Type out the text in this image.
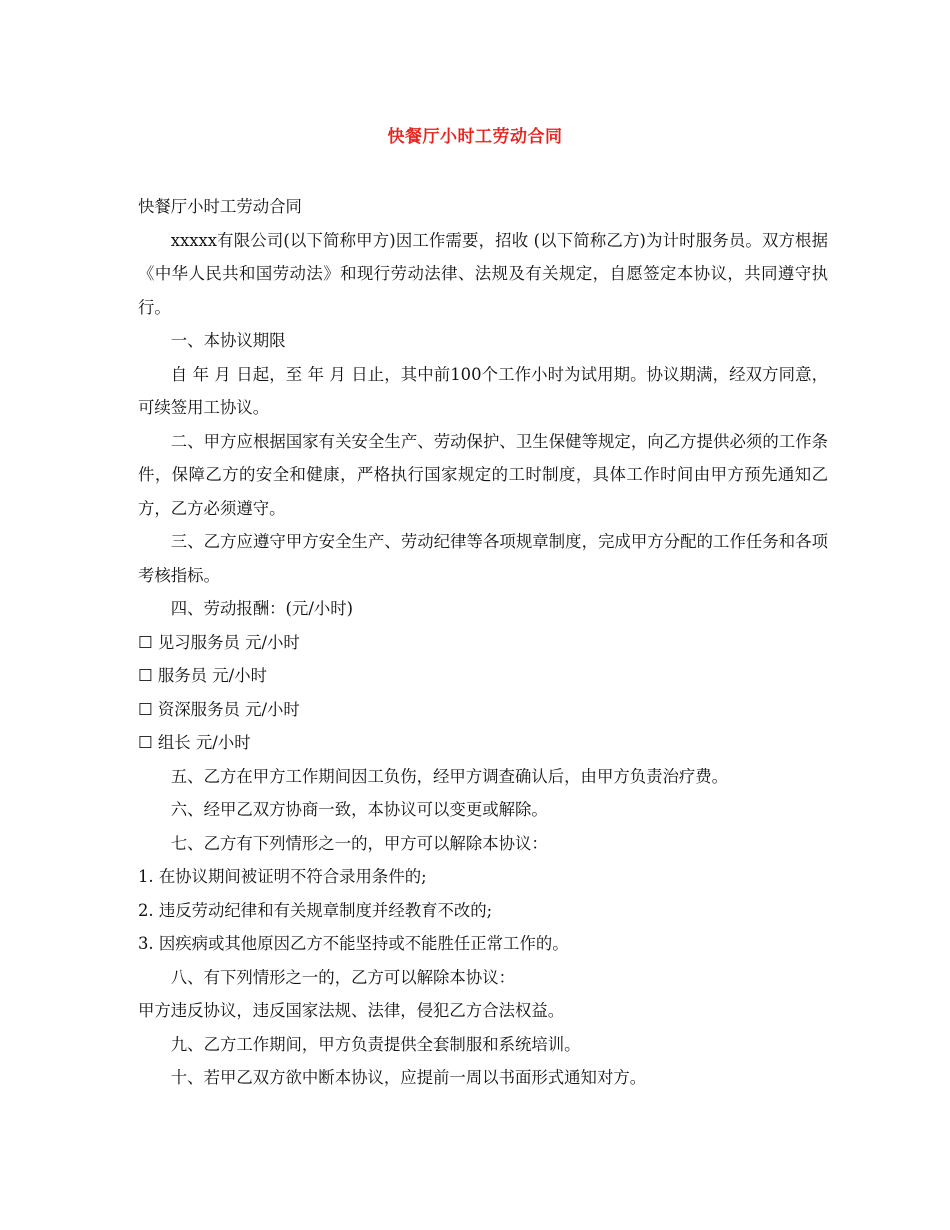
快餐厅小时工劳动合同

快餐厅小时工劳动合同

xxxxx有限公司(以下简称甲方)因工作需要，招收 (以下简称乙方)为计时服务员。双方根据《中华人民共和国劳动法》和现行劳动法律、法规及有关规定，自愿签定本协议，共同遵守执行。

一、本协议期限

自 年 月 日起，至 年 月 日止，其中前100个工作小时为试用期。协议期满，经双方同意，可续签用工协议。

二、甲方应根据国家有关安全生产、劳动保护、卫生保健等规定，向乙方提供必须的工作条件，保障乙方的安全和健康，严格执行国家规定的工时制度，具体工作时间由甲方预先通知乙方，乙方必须遵守。

三、乙方应遵守甲方安全生产、劳动纪律等各项规章制度，完成甲方分配的工作任务和各项考核指标。

四、劳动报酬：(元/小时)

☐ 见习服务员 元/小时

☐ 服务员 元/小时

☐ 资深服务员 元/小时

☐ 组长 元/小时

五、乙方在甲方工作期间因工负伤，经甲方调查确认后，由甲方负责治疗费。

六、经甲乙双方协商一致，本协议可以变更或解除。

七、乙方有下列情形之一的，甲方可以解除本协议：

1. 在协议期间被证明不符合录用条件的;

2. 违反劳动纪律和有关规章制度并经教育不改的;

3. 因疾病或其他原因乙方不能坚持或不能胜任正常工作的。

八、有下列情形之一的，乙方可以解除本协议：

甲方违反协议，违反国家法规、法律，侵犯乙方合法权益。

九、乙方工作期间，甲方负责提供全套制服和系统培训。

十、若甲乙双方欲中断本协议，应提前一周以书面形式通知对方。
